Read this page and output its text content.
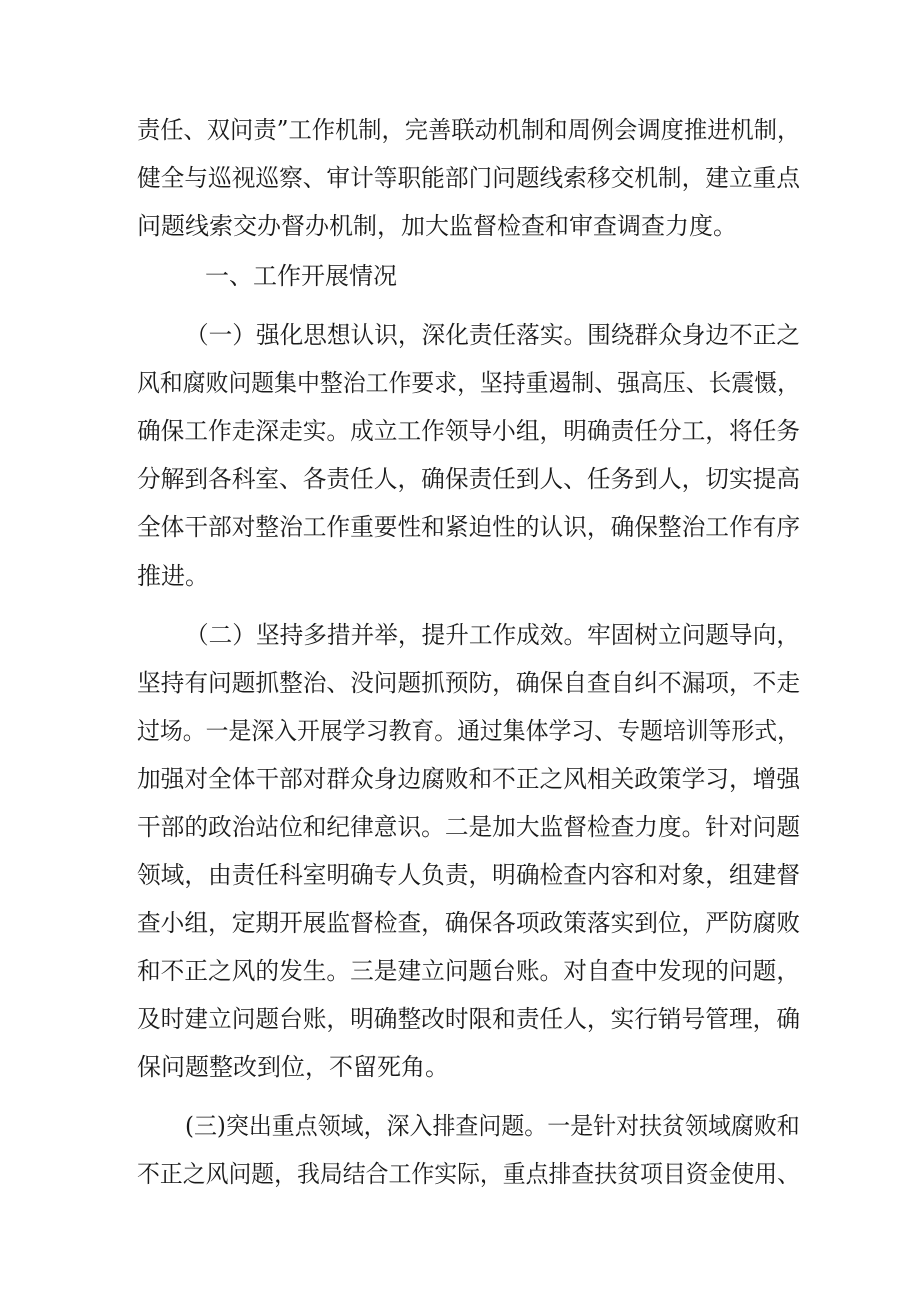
责任、双问责”工作机制，完善联动机制和周例会调度推进机制，

健全与巡视巡察、审计等职能部门问题线索移交机制，建立重点

问题线索交办督办机制，加大监督检查和审查调查力度。

一、工作开展情况

（一）强化思想认识，深化责任落实。围绕群众身边不正之

风和腐败问题集中整治工作要求，坚持重遏制、强高压、长震慑，

确保工作走深走实。成立工作领导小组，明确责任分工，将任务

分解到各科室、各责任人，确保责任到人、任务到人，切实提高

全体干部对整治工作重要性和紧迫性的认识，确保整治工作有序

推进。

（二）坚持多措并举，提升工作成效。牢固树立问题导向，

坚持有问题抓整治、没问题抓预防，确保自查自纠不漏项，不走

过场。一是深入开展学习教育。通过集体学习、专题培训等形式，

加强对全体干部对群众身边腐败和不正之风相关政策学习，增强

干部的政治站位和纪律意识。二是加大监督检查力度。针对问题

领域，由责任科室明确专人负责，明确检查内容和对象，组建督

查小组，定期开展监督检查，确保各项政策落实到位，严防腐败

和不正之风的发生。三是建立问题台账。对自查中发现的问题，

及时建立问题台账，明确整改时限和责任人，实行销号管理，确

保问题整改到位，不留死角。

(三)突出重点领域，深入排查问题。一是针对扶贫领域腐败和

不正之风问题，我局结合工作实际，重点排查扶贫项目资金使用、
